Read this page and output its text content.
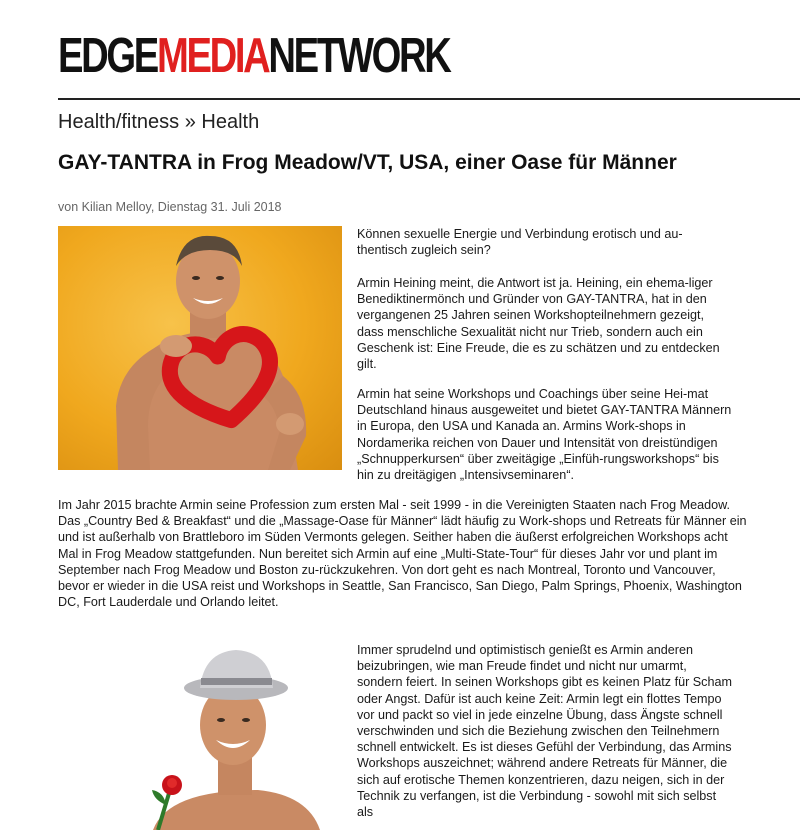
EDGEMEDIANETWORK
Health/fitness » Health
GAY-TANTRA in Frog Meadow/VT, USA, einer Oase für Männer
von Kilian Melloy, Dienstag 31. Juli 2018

Können sexuelle Energie und Verbindung erotisch und au-thentisch zugleich sein?

Armin Heining meint, die Antwort ist ja. Heining, ein ehema-liger Benediktinermönch und Gründer von GAY-TANTRA, hat in den vergangenen 25 Jahren seinen Workshopteilnehmern gezeigt, dass menschliche Sexualität nicht nur Trieb, sondern auch ein Geschenk ist: Eine Freude, die es zu schätzen und zu entdecken gilt.

Armin hat seine Workshops und Coachings über seine Hei-mat Deutschland hinaus ausgeweitet und bietet GAY-TANTRA Männern in Europa, den USA und Kanada an. Armins Work-shops in Nordamerika reichen von Dauer und Intensität von dreistündigen „Schnupperkursen“ über zweitägige „Einfüh-rungsworkshops“ bis hin zu dreitägigen „Intensivseminaren“.

Im Jahr 2015 brachte Armin seine Profession zum ersten Mal - seit 1999 - in die Vereinigten Staaten nach Frog Meadow. Das „Country Bed & Breakfast“ und die „Massage-Oase für Männer“ lädt häufig zu Work-shops und Retreats für Männer ein und ist außerhalb von Brattleboro im Süden Vermonts gelegen. Seither haben die äußerst erfolgreichen Workshops acht Mal in Frog Meadow stattgefunden. Nun bereitet sich Armin auf eine „Multi-State-Tour“ für dieses Jahr vor und plant im September nach Frog Meadow und Boston zu-rückzukehren. Von dort geht es nach Montreal, Toronto und Vancouver, bevor er wieder in die USA reist und Workshops in Seattle, San Francisco, San Diego, Palm Springs, Phoenix, Washington DC, Fort Lauderdale und Orlando leitet.

Immer sprudelnd und optimistisch genießt es Armin anderen beizubringen, wie man Freude findet und nicht nur umarmt, sondern feiert. In seinen Workshops gibt es keinen Platz für Scham oder Angst. Dafür ist auch keine Zeit: Armin legt ein flottes Tempo vor und packt so viel in jede einzelne Übung, dass Ängste schnell verschwinden und sich die Beziehung zwischen den Teilnehmern schnell entwickelt. Es ist dieses Gefühl der Verbindung, das Armins Workshops auszeichnet; während andere Retreats für Männer, die sich auf erotische Themen konzentrieren, dazu neigen, sich in der Technik zu verfangen, ist die Verbindung - sowohl mit sich selbst als
